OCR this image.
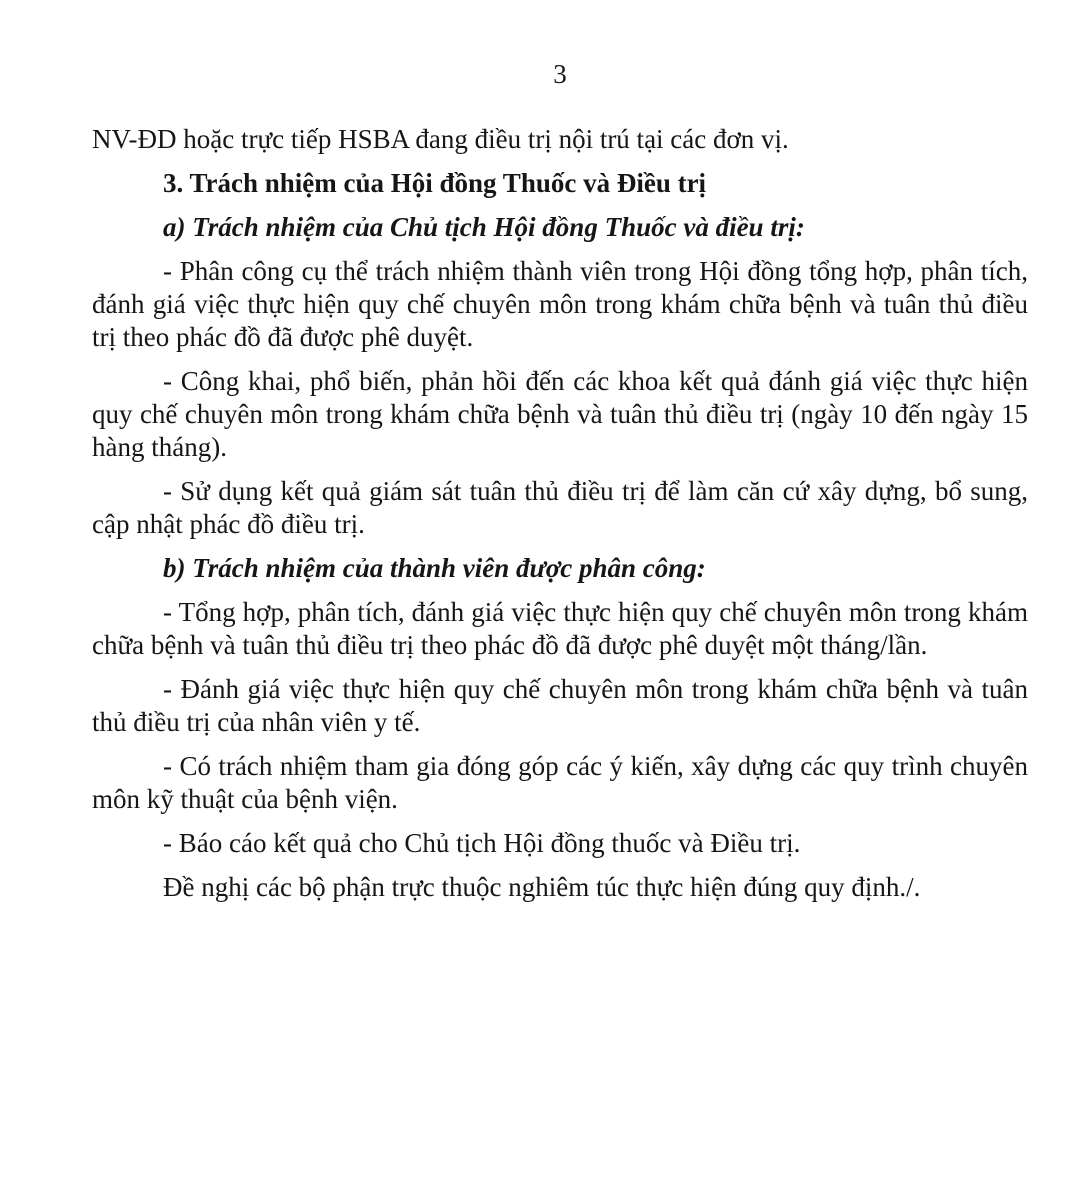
3

NV-ĐD hoặc trực tiếp HSBA đang điều trị nội trú tại các đơn vị.

3. Trách nhiệm của Hội đồng Thuốc và Điều trị

a) Trách nhiệm của Chủ tịch Hội đồng Thuốc và điều trị:

- Phân công cụ thể trách nhiệm thành viên trong Hội đồng tổng hợp, phân tích, đánh giá việc thực hiện quy chế chuyên môn trong khám chữa bệnh và tuân thủ điều trị theo phác đồ đã được phê duyệt.

- Công khai, phổ biến, phản hồi đến các khoa kết quả đánh giá việc thực hiện quy chế chuyên môn trong khám chữa bệnh và tuân thủ điều trị (ngày 10 đến ngày 15 hàng tháng).

- Sử dụng kết quả giám sát tuân thủ điều trị để làm căn cứ xây dựng, bổ sung, cập nhật phác đồ điều trị.

b) Trách nhiệm của thành viên được phân công:

- Tổng hợp, phân tích, đánh giá việc thực hiện quy chế chuyên môn trong khám chữa bệnh và tuân thủ điều trị theo phác đồ đã được phê duyệt một tháng/lần.

- Đánh giá việc thực hiện quy chế chuyên môn trong khám chữa bệnh và tuân thủ điều trị của nhân viên y tế.

- Có trách nhiệm tham gia đóng góp các ý kiến, xây dựng các quy trình chuyên môn kỹ thuật của bệnh viện.

- Báo cáo kết quả cho Chủ tịch Hội đồng thuốc và Điều trị.

Đề nghị các bộ phận trực thuộc nghiêm túc thực hiện đúng quy định./.
